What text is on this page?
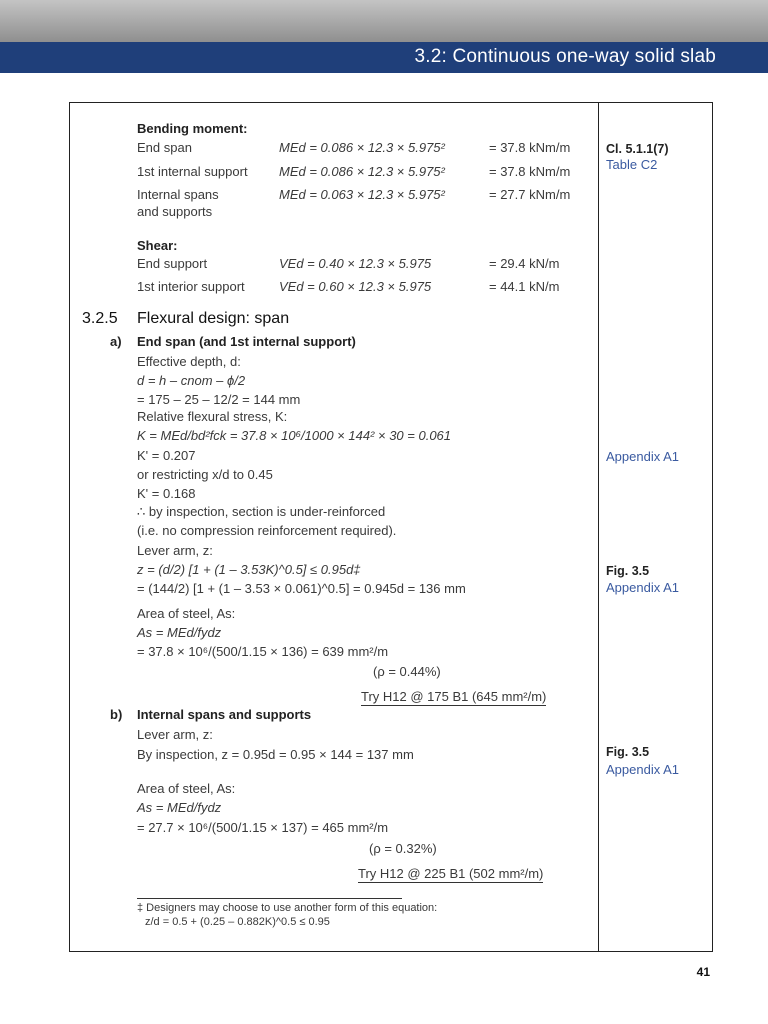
3.2: Continuous one-way solid slab
Bending moment:
End span	MEd = 0.086 × 12.3 × 5.975²	= 37.8 kNm/m
1st internal support MEd = 0.086 × 12.3 × 5.975²	= 37.8 kNm/m
Internal spans
and supports
MEd = 0.063 × 12.3 × 5.975²	= 27.7 kNm/m
Shear:
End support	VEd = 0.40 × 12.3 × 5.975	= 29.4 kN/m
1st interior support	VEd = 0.60 × 12.3 × 5.975	= 44.1 kN/m
3.2.5 Flexural design: span
a) End span (and 1st internal support)
Effective depth, d:
d = h – cnom – ϕ/2
= 175 – 25 – 12/2 = 144 mm
Relative flexural stress, K:
K = MEd/bd²fck = 37.8 × 10⁶/1000 × 144² × 30 = 0.061
K' = 0.207
or restricting x/d to 0.45
K' = 0.168
∴ by inspection, section is under-reinforced
(i.e. no compression reinforcement required).
Lever arm, z:
z = (d/2) [1 + (1 – 3.53K)^0.5] ≤ 0.95d‡
= (144/2) [1 + (1 – 3.53 × 0.061)^0.5] = 0.945d = 136 mm
Area of steel, As:
As = MEd/fydz
= 37.8 × 10⁶/(500/1.15 × 136) = 639 mm²/m
(ρ = 0.44%)
Try H12 @ 175 B1 (645 mm²/m)
b) Internal spans and supports
Lever arm, z:
By inspection, z = 0.95d = 0.95 × 144 = 137 mm
Area of steel, As:
As = MEd/fydz
= 27.7 × 10⁶/(500/1.15 × 137) = 465 mm²/m
(ρ = 0.32%)
Try H12 @ 225 B1 (502 mm²/m)
‡ Designers may choose to use another form of this equation:
z/d = 0.5 + (0.25 – 0.882K)^0.5 ≤ 0.95
Cl. 5.1.1(7)
Table C2
Appendix A1
Fig. 3.5
Appendix A1
Fig. 3.5
Appendix A1
41
